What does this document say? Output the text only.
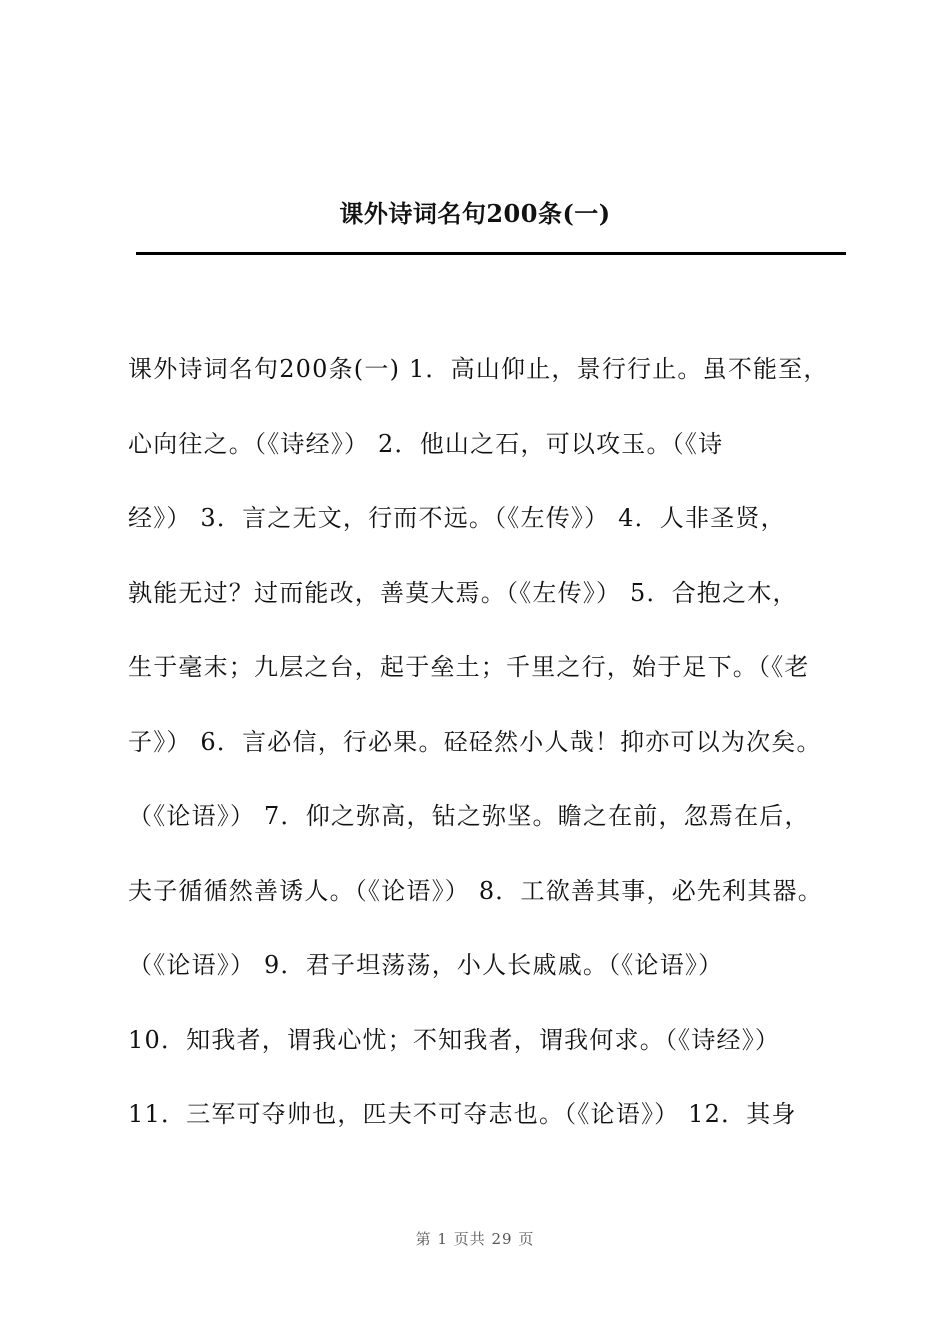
课外诗词名句200条(一)
课外诗词名句200条(一) 1．高山仰止，景行行止。虽不能至，
心向往之。（《诗经》） 2．他山之石，可以攻玉。（《诗
经》） 3．言之无文，行而不远。（《左传》） 4．人非圣贤，
孰能无过？过而能改，善莫大焉。（《左传》） 5．合抱之木，
生于毫末；九层之台，起于垒土；千里之行，始于足下。（《老
子》） 6．言必信，行必果。硁硁然小人哉！抑亦可以为次矣。
（《论语》） 7．仰之弥高，钻之弥坚。瞻之在前，忽焉在后，
夫子循循然善诱人。（《论语》） 8．工欲善其事，必先利其器。
（《论语》） 9．君子坦荡荡，小人长戚戚。（《论语》）
10．知我者，谓我心忧；不知我者，谓我何求。（《诗经》）
11．三军可夺帅也，匹夫不可夺志也。（《论语》） 12．其身
第 1 页共 29 页
